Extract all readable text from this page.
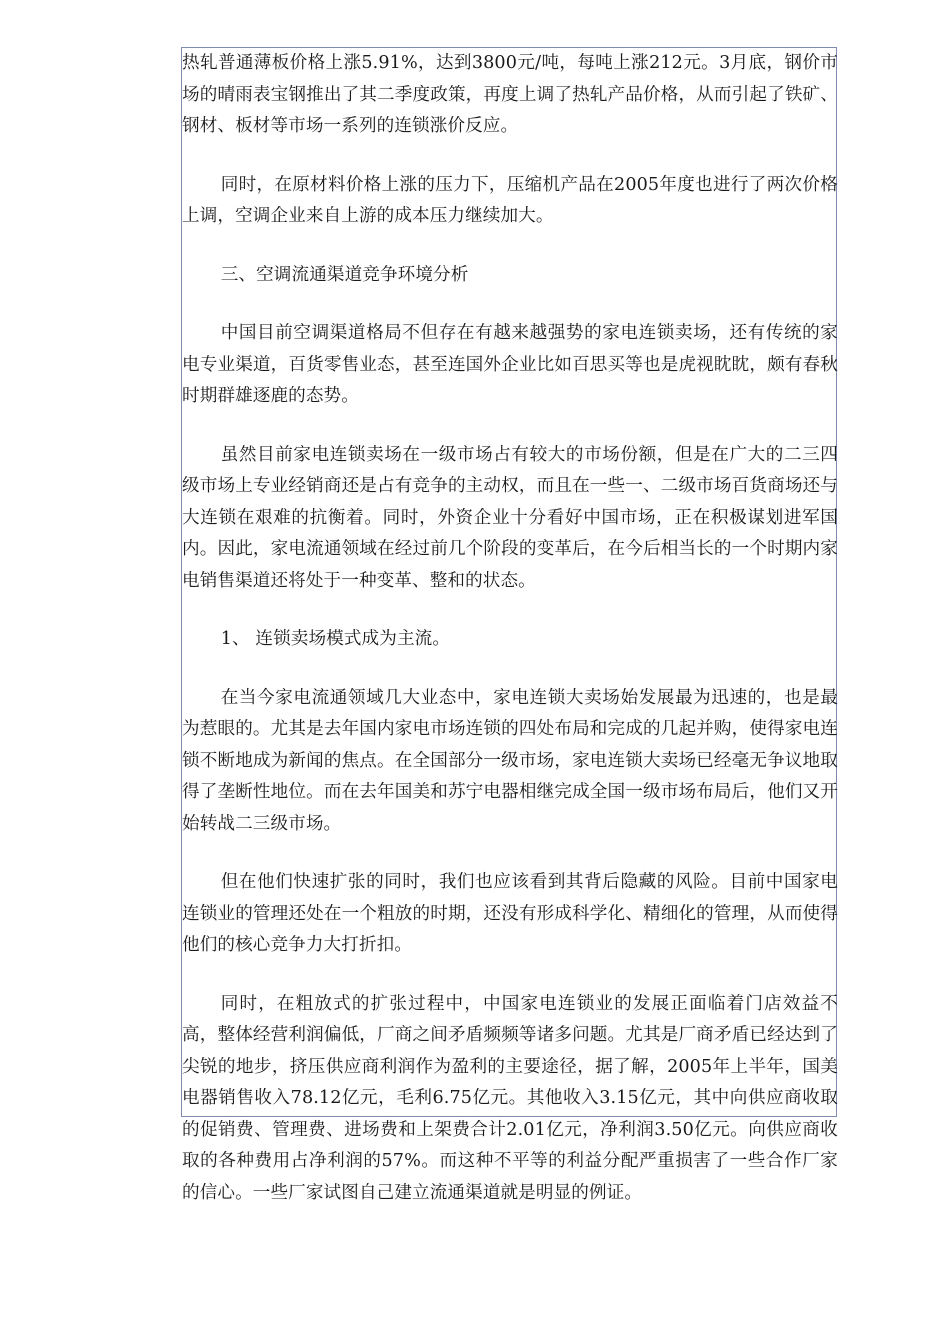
热轧普通薄板价格上涨5.91%，达到3800元/吨，每吨上涨212元。3月底，钢价市场的晴雨表宝钢推出了其二季度政策，再度上调了热轧产品价格，从而引起了铁矿、钢材、板材等市场一系列的连锁涨价反应。

同时，在原材料价格上涨的压力下，压缩机产品在2005年度也进行了两次价格上调，空调企业来自上游的成本压力继续加大。

三、空调流通渠道竞争环境分析

中国目前空调渠道格局不但存在有越来越强势的家电连锁卖场，还有传统的家电专业渠道，百货零售业态，甚至连国外企业比如百思买等也是虎视眈眈，颇有春秋时期群雄逐鹿的态势。

虽然目前家电连锁卖场在一级市场占有较大的市场份额，但是在广大的二三四级市场上专业经销商还是占有竞争的主动权，而且在一些一、二级市场百货商场还与大连锁在艰难的抗衡着。同时，外资企业十分看好中国市场，正在积极谋划进军国内。因此，家电流通领域在经过前几个阶段的变革后，在今后相当长的一个时期内家电销售渠道还将处于一种变革、整和的状态。

1、 连锁卖场模式成为主流。

在当今家电流通领域几大业态中，家电连锁大卖场始发展最为迅速的，也是最为惹眼的。尤其是去年国内家电市场连锁的四处布局和完成的几起并购，使得家电连锁不断地成为新闻的焦点。在全国部分一级市场，家电连锁大卖场已经毫无争议地取得了垄断性地位。而在去年国美和苏宁电器相继完成全国一级市场布局后，他们又开始转战二三级市场。

但在他们快速扩张的同时，我们也应该看到其背后隐藏的风险。目前中国家电连锁业的管理还处在一个粗放的时期，还没有形成科学化、精细化的管理，从而使得他们的核心竞争力大打折扣。

同时，在粗放式的扩张过程中，中国家电连锁业的发展正面临着门店效益不高，整体经营利润偏低，厂商之间矛盾频频等诸多问题。尤其是厂商矛盾已经达到了尖锐的地步，挤压供应商利润作为盈利的主要途径，据了解，2005年上半年，国美电器销售收入78.12亿元，毛利6.75亿元。其他收入3.15亿元，其中向供应商收取的促销费、管理费、进场费和上架费合计2.01亿元，净利润3.50亿元。向供应商收取的各种费用占净利润的57%。而这种不平等的利益分配严重损害了一些合作厂家的信心。一些厂家试图自己建立流通渠道就是明显的例证。
